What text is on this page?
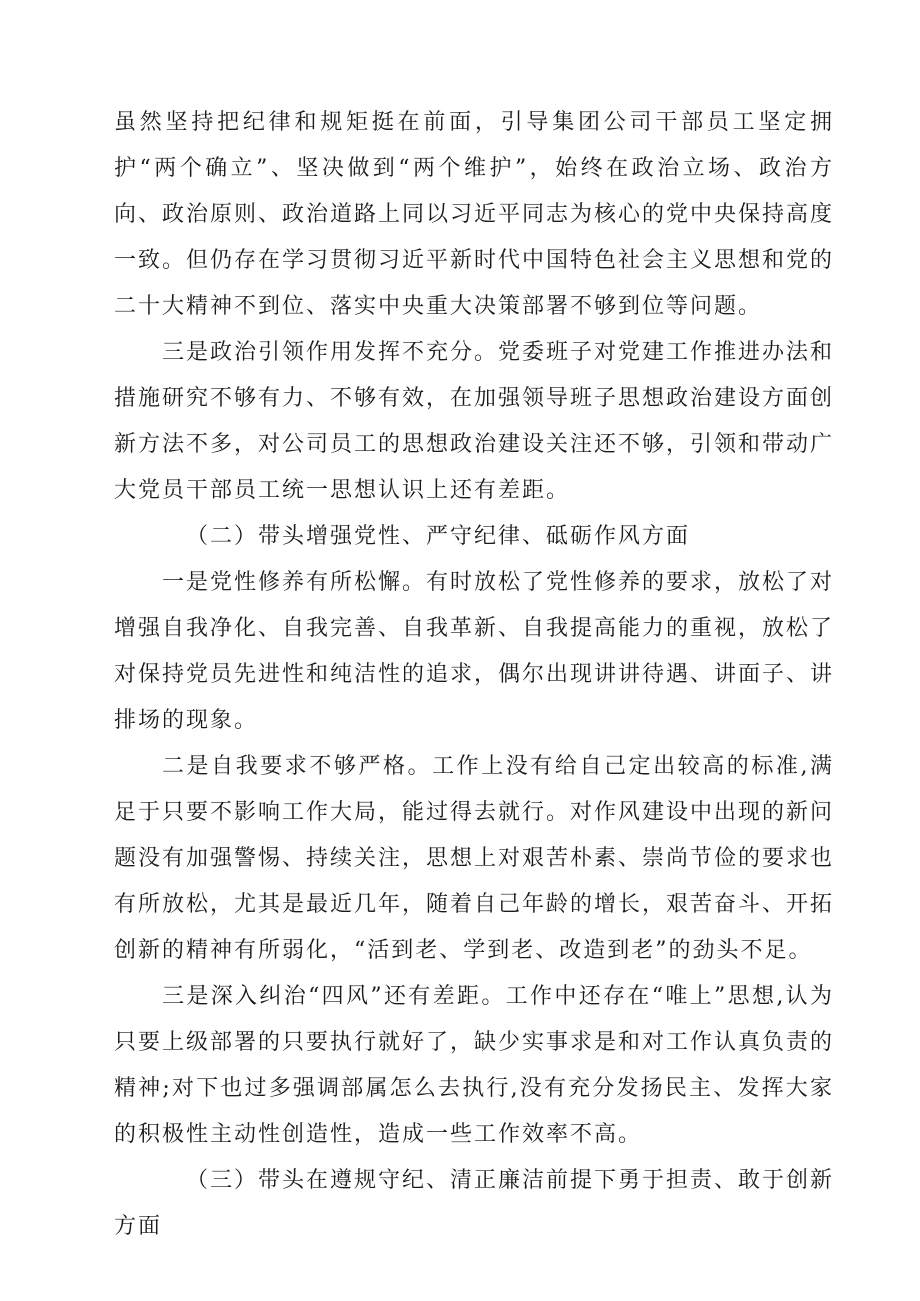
虽然坚持把纪律和规矩挺在前面，引导集团公司干部员工坚定拥护“两个确立”、坚决做到“两个维护”，始终在政治立场、政治方向、政治原则、政治道路上同以习近平同志为核心的党中央保持高度一致。但仍存在学习贯彻习近平新时代中国特色社会主义思想和党的二十大精神不到位、落实中央重大决策部署不够到位等问题。

三是政治引领作用发挥不充分。党委班子对党建工作推进办法和措施研究不够有力、不够有效，在加强领导班子思想政治建设方面创新方法不多，对公司员工的思想政治建设关注还不够，引领和带动广大党员干部员工统一思想认识上还有差距。

（二）带头增强党性、严守纪律、砥砺作风方面

一是党性修养有所松懈。有时放松了党性修养的要求，放松了对增强自我净化、自我完善、自我革新、自我提高能力的重视，放松了对保持党员先进性和纯洁性的追求，偶尔出现讲讲待遇、讲面子、讲排场的现象。

二是自我要求不够严格。工作上没有给自己定出较高的标准,满足于只要不影响工作大局，能过得去就行。对作风建设中出现的新问题没有加强警惕、持续关注，思想上对艰苦朴素、崇尚节俭的要求也有所放松，尤其是最近几年，随着自己年龄的增长，艰苦奋斗、开拓创新的精神有所弱化，“活到老、学到老、改造到老”的劲头不足。

三是深入纠治“四风”还有差距。工作中还存在“唯上”思想,认为只要上级部署的只要执行就好了，缺少实事求是和对工作认真负责的精神;对下也过多强调部属怎么去执行,没有充分发扬民主、发挥大家的积极性主动性创造性，造成一些工作效率不高。

（三）带头在遵规守纪、清正廉洁前提下勇于担责、敢于创新方面
